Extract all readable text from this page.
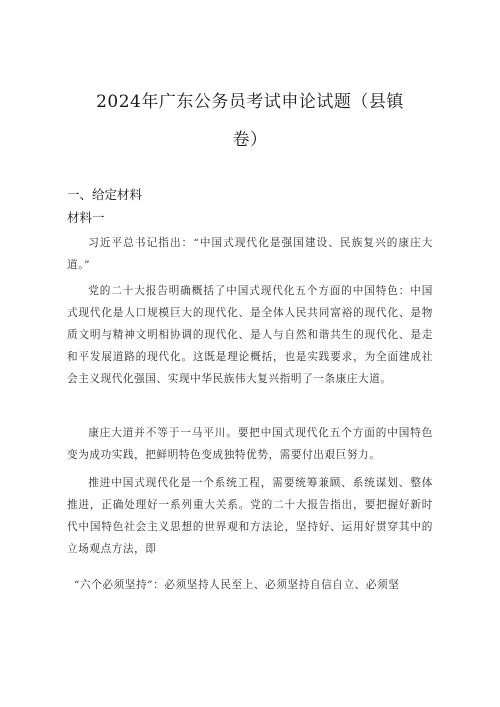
2024年广东公务员考试申论试题（县镇
卷）
一、给定材料
材料一

习近平总书记指出：“中国式现代化是强国建设、民族复兴的康庄大道。”

党的二十大报告明确概括了中国式现代化五个方面的中国特色：中国式现代化是人口规模巨大的现代化、是全体人民共同富裕的现代化、是物质文明与精神文明相协调的现代化、是人与自然和谐共生的现代化、是走和平发展道路的现代化。这既是理论概括，也是实践要求，为全面建成社会主义现代化强国、实现中华民族伟大复兴指明了一条康庄大道。

康庄大道并不等于一马平川。要把中国式现代化五个方面的中国特色变为成功实践，把鲜明特色变成独特优势，需要付出艰巨努力。

推进中国式现代化是一个系统工程，需要统筹兼顾、系统谋划、整体推进，正确处理好一系列重大关系。党的二十大报告指出，要把握好新时代中国特色社会主义思想的世界观和方法论，坚持好、运用好贯穿其中的立场观点方法，即

“六个必须坚持”：必须坚持人民至上、必须坚持自信自立、必须坚
